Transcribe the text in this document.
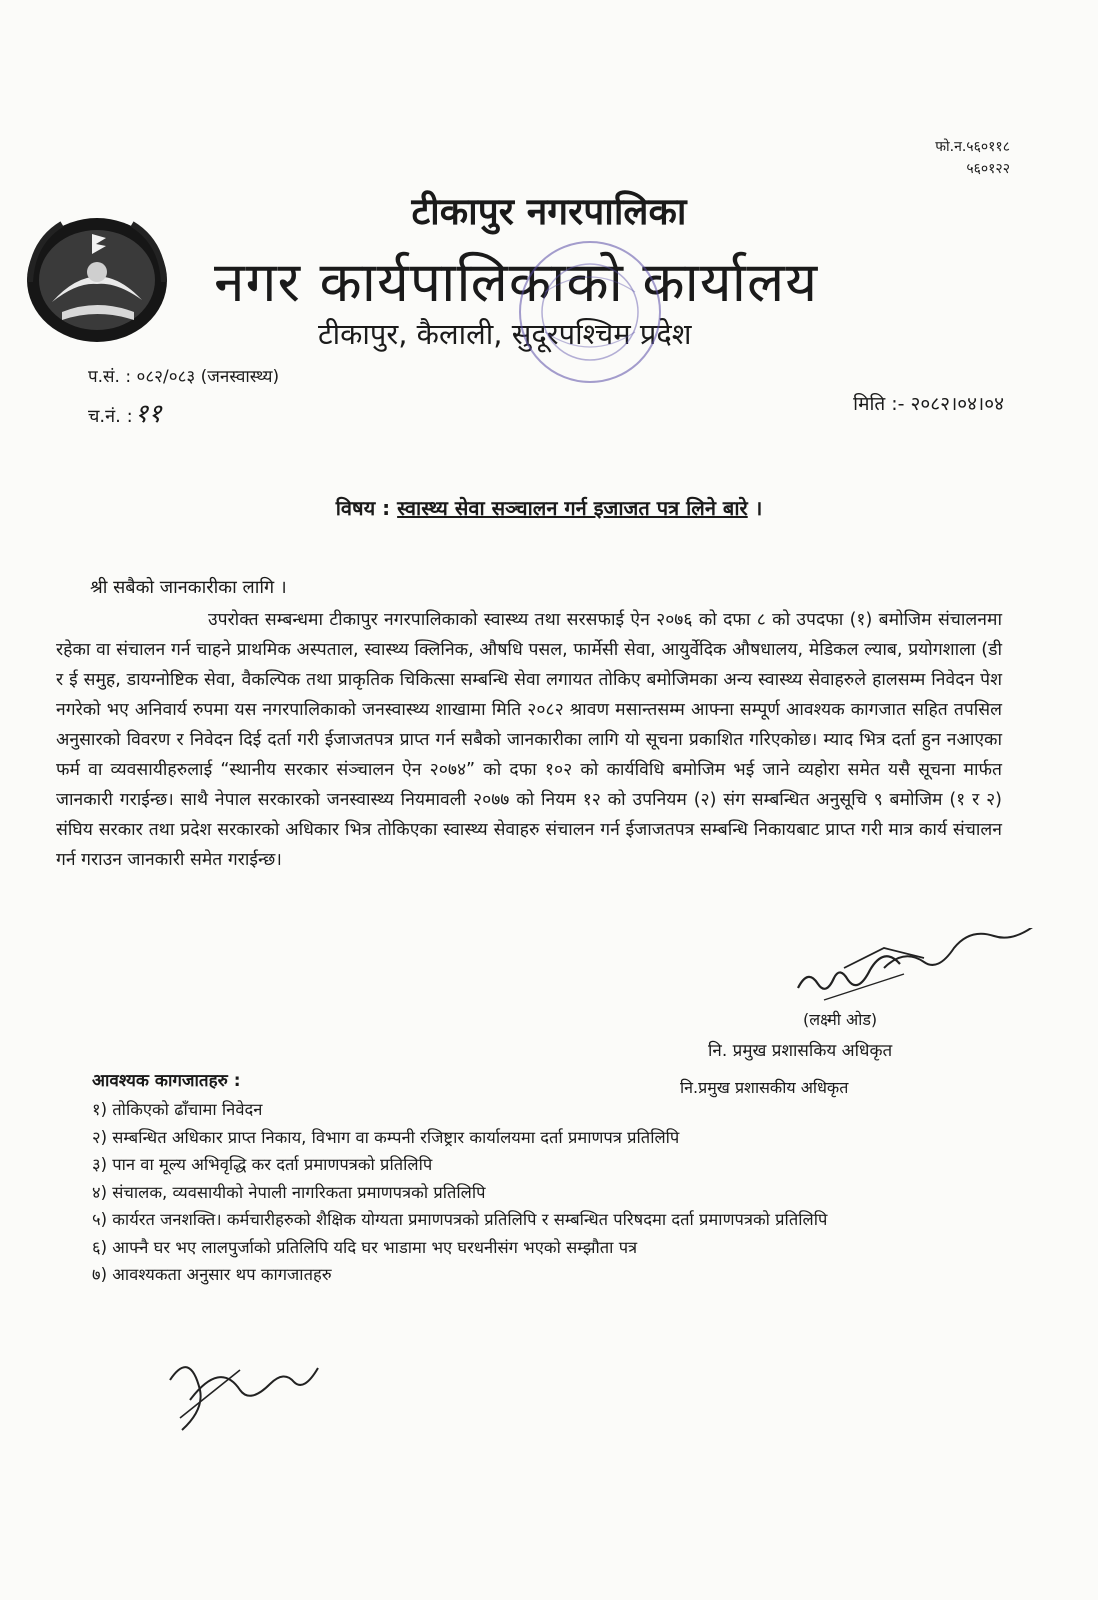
फो.न.५६०११८
५६०१२२
टीकापुर नगरपालिका
नगर कार्यपालिकाको कार्यालय
टीकापुर, कैलाली, सुदूरपश्चिम प्रदेश
प.सं. : ०८२/०८३ (जनस्वास्थ्य)
च.नं. :११	मिति :- २०८२।०४।०४
विषय : स्वास्थ्य सेवा सञ्चालन गर्न इजाजत पत्र लिने बारे ।
श्री सबैको जानकारीका लागि ।
उपरोक्त सम्बन्धमा टीकापुर नगरपालिकाको स्वास्थ्य तथा सरसफाई ऐन २०७६ को दफा ८ को उपदफा (१) बमोजिम संचालनमा रहेका वा संचालन गर्न चाहने प्राथमिक अस्पताल, स्वास्थ्य क्लिनिक, औषधि पसल, फार्मेसी सेवा, आयुर्वेदिक औषधालय, मेडिकल ल्याब, प्रयोगशाला (डी र ई समुह, डायग्नोष्टिक सेवा, वैकल्पिक तथा प्राकृतिक चिकित्सा सम्बन्धि सेवा लगायत तोकिए बमोजिमका अन्य स्वास्थ्य सेवाहरुले हालसम्म निवेदन पेश नगरेको भए अनिवार्य रुपमा यस नगरपालिकाको जनस्वास्थ्य शाखामा मिति २०८२ श्रावण मसान्तसम्म आफ्ना सम्पूर्ण आवश्यक कागजात सहित तपसिल अनुसारको विवरण र निवेदन दिई दर्ता गरी ईजाजतपत्र प्राप्त गर्न सबैको जानकारीका लागि यो सूचना प्रकाशित गरिएकोछ। म्याद भित्र दर्ता हुन नआएका फर्म वा व्यवसायीहरुलाई “स्थानीय सरकार संञ्चालन ऐन २०७४” को दफा १०२ को कार्यविधि बमोजिम भई जाने व्यहोरा समेत यसै सूचना मार्फत जानकारी गराईन्छ। साथै नेपाल सरकारको जनस्वास्थ्य नियमावली २०७७ को नियम १२ को उपनियम (२) संग सम्बन्धित अनुसूचि ९ बमोजिम (१ र २) संघिय सरकार तथा प्रदेश सरकारको अधिकार भित्र तोकिएका स्वास्थ्य सेवाहरु संचालन गर्न ईजाजतपत्र सम्बन्धि निकायबाट प्राप्त गरी मात्र कार्य संचालन गर्न गराउन जानकारी समेत गराईन्छ।
(लक्ष्मी ओड)
नि. प्रमुख प्रशासकिय अधिकृत
नि.प्रमुख प्रशासकीय अधिकृत
आवश्यक कागजातहरु :
१) तोकिएको ढाँचामा निवेदन
२) सम्बन्धित अधिकार प्राप्त निकाय, विभाग वा कम्पनी रजिष्ट्रार कार्यालयमा दर्ता प्रमाणपत्र प्रतिलिपि
३) पान वा मूल्य अभिवृद्धि कर दर्ता प्रमाणपत्रको प्रतिलिपि
४) संचालक, व्यवसायीको नेपाली नागरिकता प्रमाणपत्रको प्रतिलिपि
५) कार्यरत जनशक्ति। कर्मचारीहरुको शैक्षिक योग्यता प्रमाणपत्रको प्रतिलिपि र सम्बन्धित परिषदमा दर्ता प्रमाणपत्रको प्रतिलिपि
६) आफ्नै घर भए लालपुर्जाको प्रतिलिपि यदि घर भाडामा भए घरधनीसंग भएको सम्झौता पत्र
७) आवश्यकता अनुसार थप कागजातहरु
